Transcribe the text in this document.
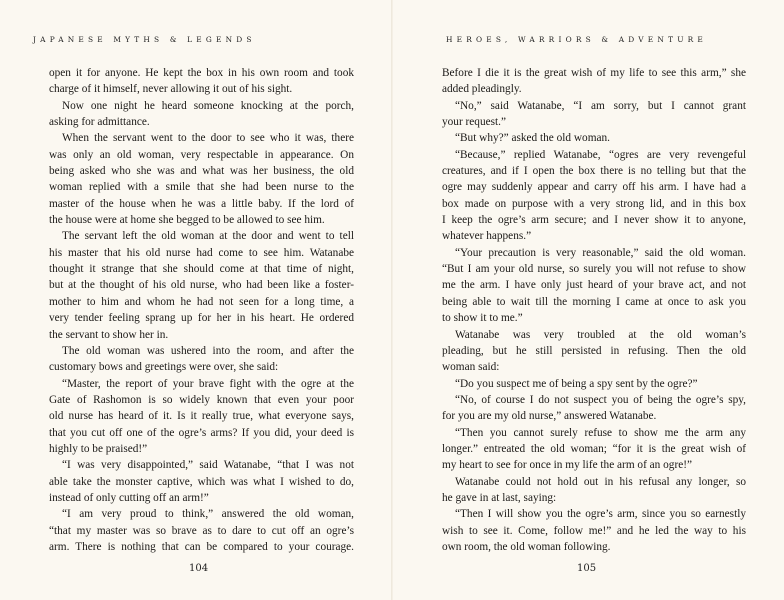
JAPANESE MYTHS & LEGENDS
open it for anyone. He kept the box in his own room and took
charge of it himself, never allowing it out of his sight.
Now one night he heard someone knocking at the porch,
asking for admittance.
When the servant went to the door to see who it was, there
was only an old woman, very respectable in appearance. On
being asked who she was and what was her business, the old
woman replied with a smile that she had been nurse to the
master of the house when he was a little baby. If the lord of
the house were at home she begged to be allowed to see him.
The servant left the old woman at the door and went to tell
his master that his old nurse had come to see him. Watanabe
thought it strange that she should come at that time of night,
but at the thought of his old nurse, who had been like a foster-
mother to him and whom he had not seen for a long time, a
very tender feeling sprang up for her in his heart. He ordered
the servant to show her in.
The old woman was ushered into the room, and after the
customary bows and greetings were over, she said:
“Master, the report of your brave fight with the ogre at the
Gate of Rashomon is so widely known that even your poor
old nurse has heard of it. Is it really true, what everyone says,
that you cut off one of the ogre’s arms? If you did, your deed is
highly to be praised!”
“I was very disappointed,” said Watanabe, “that I was not
able take the monster captive, which was what I wished to do,
instead of only cutting off an arm!”
“I am very proud to think,” answered the old woman,
“that my master was so brave as to dare to cut off an ogre’s
arm. There is nothing that can be compared to your courage.
104
HEROES, WARRIORS & ADVENTURE
Before I die it is the great wish of my life to see this arm,” she
added pleadingly.
“No,” said Watanabe, “I am sorry, but I cannot grant
your request.”
“But why?” asked the old woman.
“Because,” replied Watanabe, “ogres are very revengeful
creatures, and if I open the box there is no telling but that the
ogre may suddenly appear and carry off his arm. I have had a
box made on purpose with a very strong lid, and in this box
I keep the ogre’s arm secure; and I never show it to anyone,
whatever happens.”
“Your precaution is very reasonable,” said the old woman.
“But I am your old nurse, so surely you will not refuse to show
me the arm. I have only just heard of your brave act, and not
being able to wait till the morning I came at once to ask you
to show it to me.”
Watanabe was very troubled at the old woman’s
pleading, but he still persisted in refusing. Then the old
woman said:
“Do you suspect me of being a spy sent by the ogre?”
“No, of course I do not suspect you of being the ogre’s spy,
for you are my old nurse,” answered Watanabe.
“Then you cannot surely refuse to show me the arm any
longer.” entreated the old woman; “for it is the great wish of
my heart to see for once in my life the arm of an ogre!”
Watanabe could not hold out in his refusal any longer, so
he gave in at last, saying:
“Then I will show you the ogre’s arm, since you so earnestly
wish to see it. Come, follow me!” and he led the way to his
own room, the old woman following.
105
